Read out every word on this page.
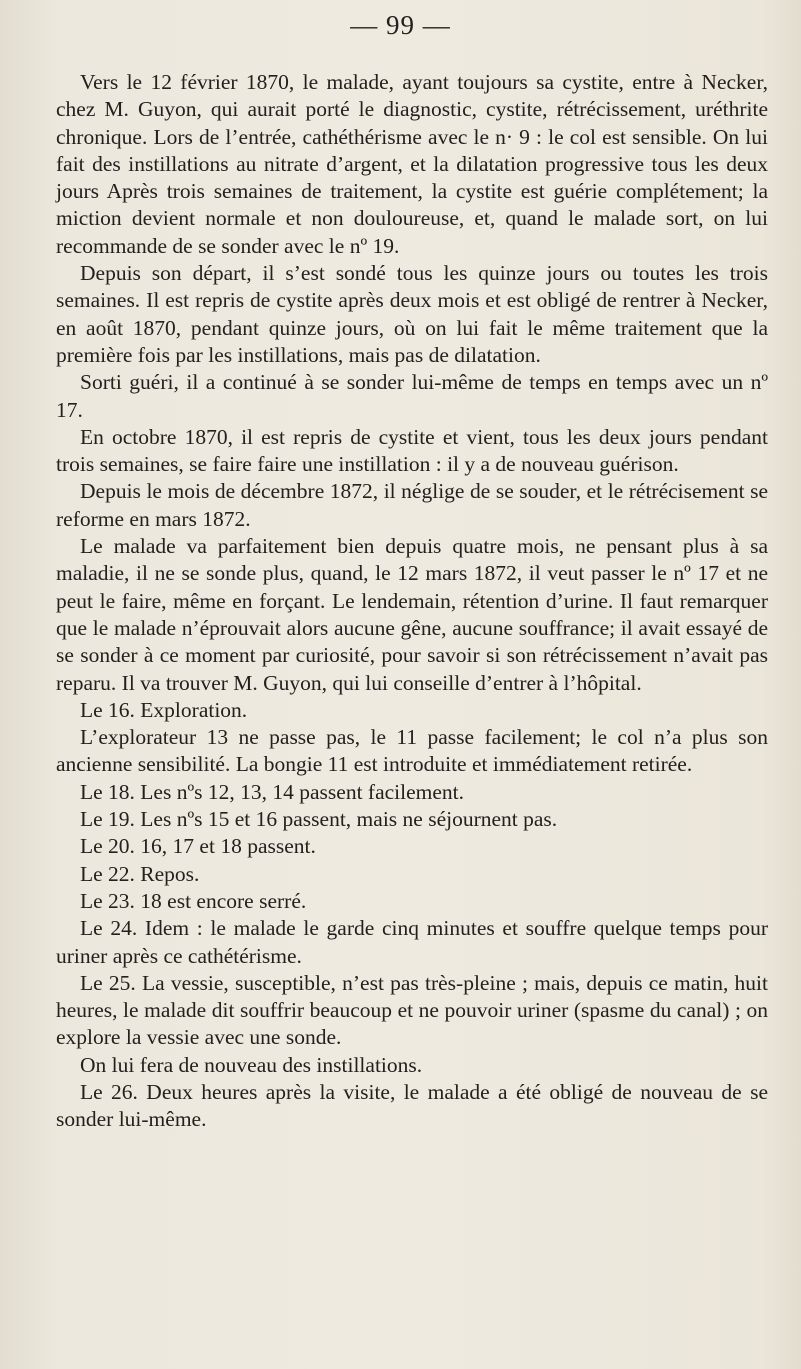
— 99 —

Vers le 12 février 1870, le malade, ayant toujours sa cystite, entre à Necker, chez M. Guyon, qui aurait porté le diagnostic, cystite, rétrécissement, uréthrite chronique. Lors de l’entrée, cathéthérisme avec le n· 9 : le col est sensible. On lui fait des instillations au nitrate d’argent, et la dilatation progressive tous les deux jours Après trois semaines de traitement, la cystite est guérie complétement; la miction devient normale et non douloureuse, et, quand le malade sort, on lui recommande de se sonder avec le nº 19.

Depuis son départ, il s’est sondé tous les quinze jours ou toutes les trois semaines. Il est repris de cystite après deux mois et est obligé de rentrer à Necker, en août 1870, pendant quinze jours, où on lui fait le même traitement que la première fois par les instillations, mais pas de dilatation.

Sorti guéri, il a continué à se sonder lui-même de temps en temps avec un nº 17.

En octobre 1870, il est repris de cystite et vient, tous les deux jours pendant trois semaines, se faire faire une instillation : il y a de nouveau guérison.

Depuis le mois de décembre 1872, il néglige de se souder, et le rétrécisement se reforme en mars 1872.

Le malade va parfaitement bien depuis quatre mois, ne pensant plus à sa maladie, il ne se sonde plus, quand, le 12 mars 1872, il veut passer le nº 17 et ne peut le faire, même en forçant. Le lendemain, rétention d’urine. Il faut remarquer que le malade n’éprouvait alors aucune gêne, aucune souffrance; il avait essayé de se sonder à ce moment par curiosité, pour savoir si son rétrécissement n’avait pas reparu. Il va trouver M. Guyon, qui lui conseille d’entrer à l’hôpital.

Le 16. Exploration.

L’explorateur 13 ne passe pas, le 11 passe facilement; le col n’a plus son ancienne sensibilité. La bongie 11 est introduite et immédiatement retirée.

Le 18. Les nºs 12, 13, 14 passent facilement.

Le 19. Les nºs 15 et 16 passent, mais ne séjournent pas.

Le 20. 16, 17 et 18 passent.

Le 22. Repos.

Le 23. 18 est encore serré.

Le 24. Idem : le malade le garde cinq minutes et souffre quelque temps pour uriner après ce cathétérisme.

Le 25. La vessie, susceptible, n’est pas très-pleine ; mais, depuis ce matin, huit heures, le malade dit souffrir beaucoup et ne pouvoir uriner (spasme du canal) ; on explore la vessie avec une sonde.

On lui fera de nouveau des instillations.

Le 26. Deux heures après la visite, le malade a été obligé de nouveau de se sonder lui-même.
